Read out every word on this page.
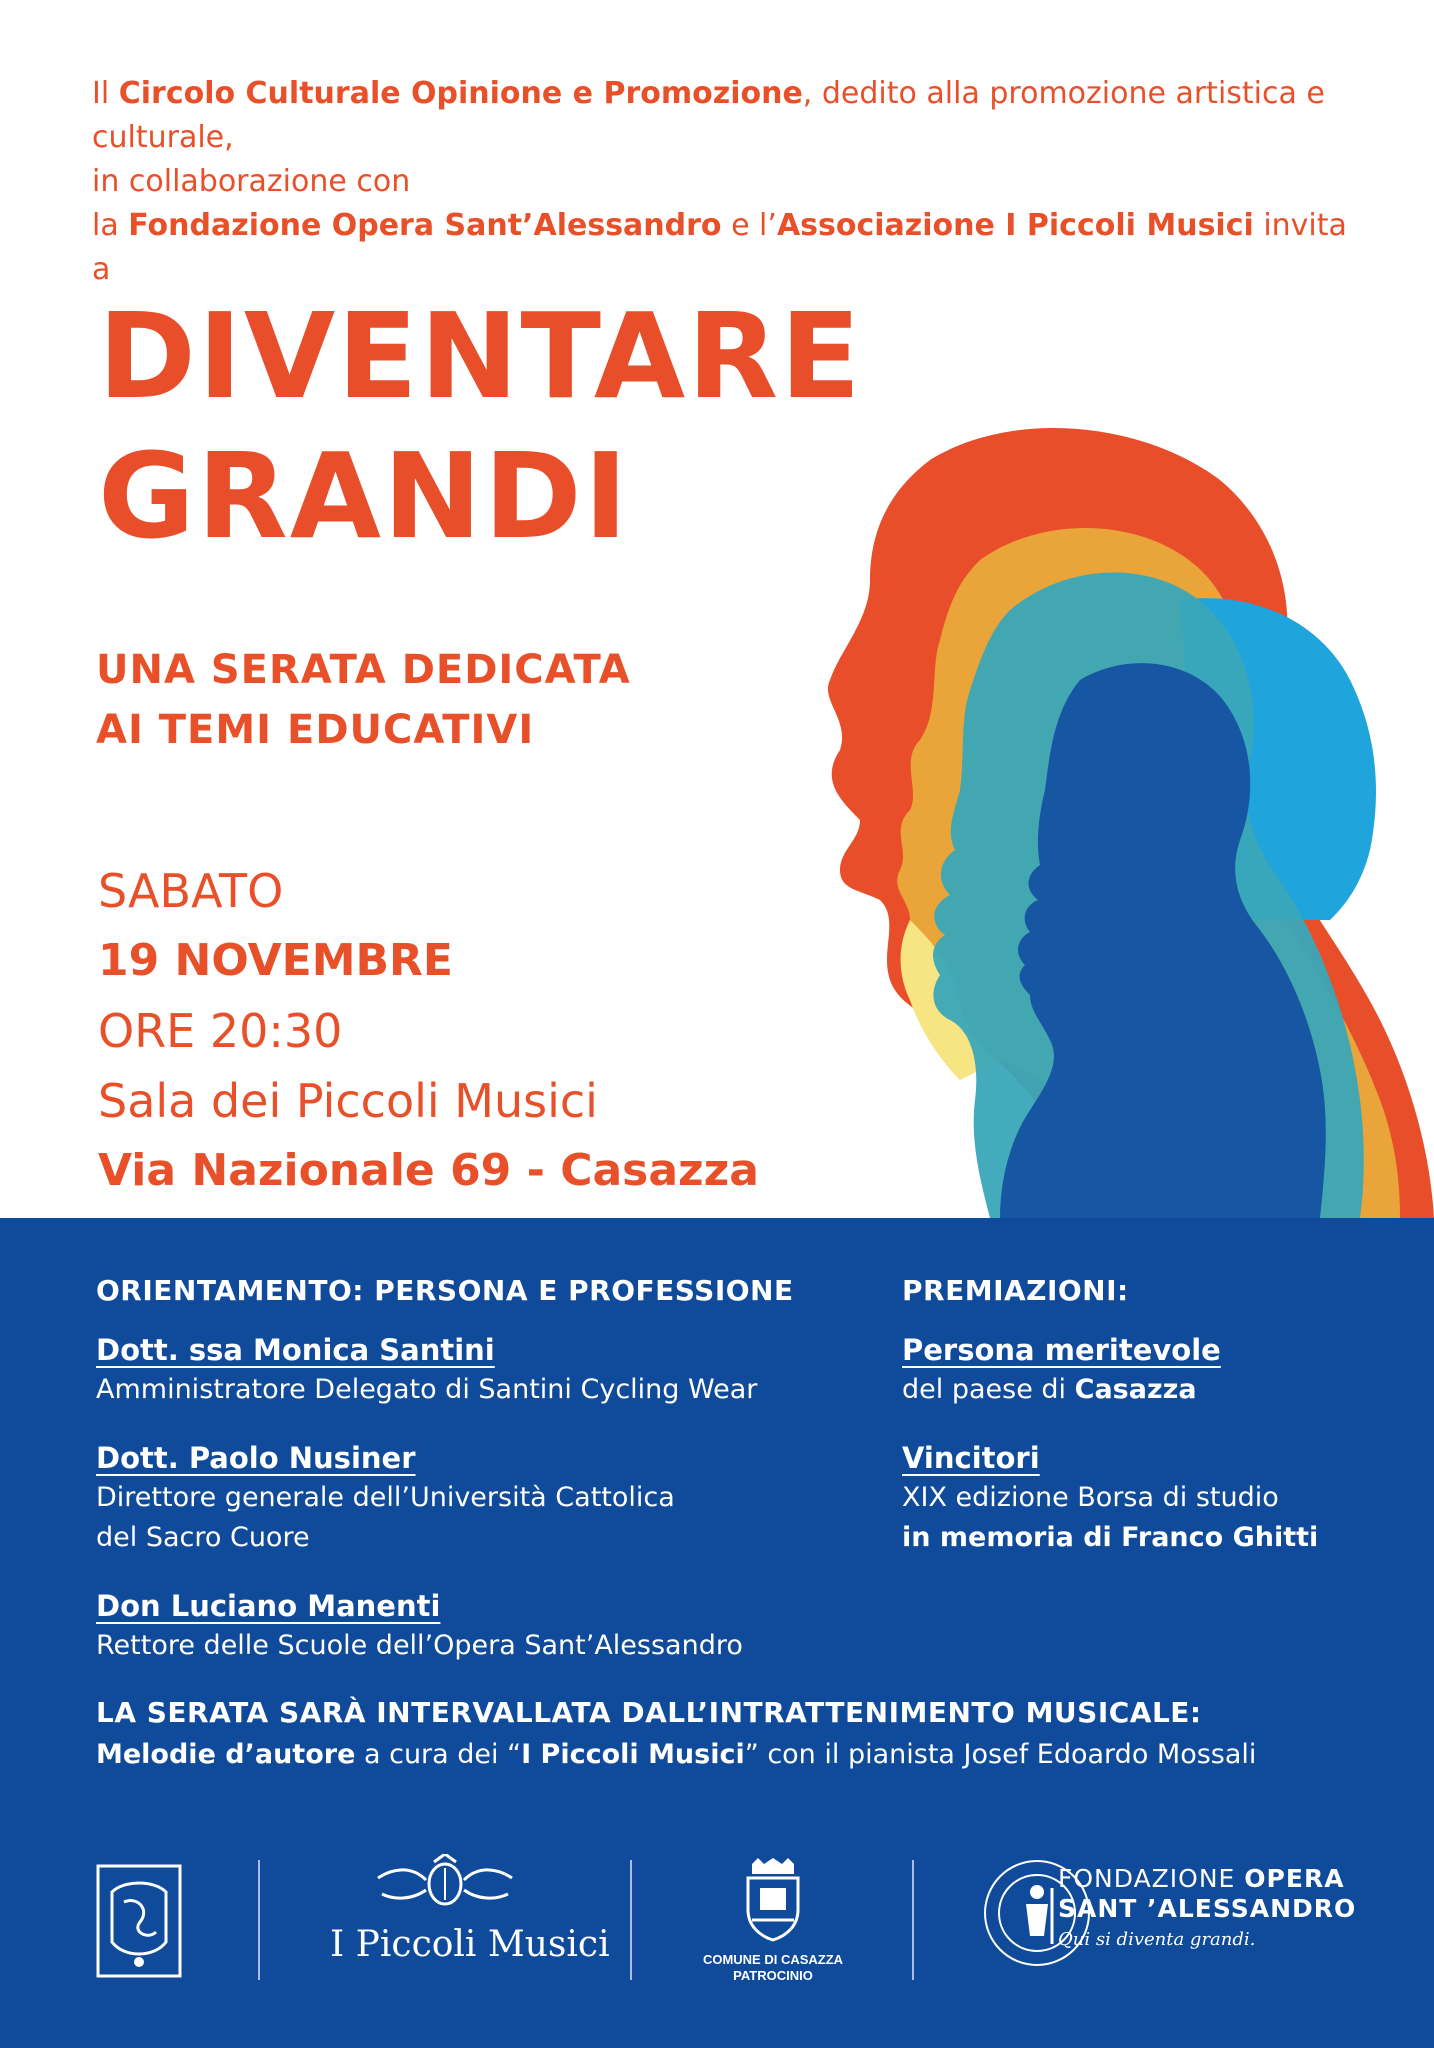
Il Circolo Culturale Opinione e Promozione, dedito alla promozione artistica e culturale,
in collaborazione con
la Fondazione Opera Sant’Alessandro e l’Associazione I Piccoli Musici invita a
DIVENTARE
GRANDI
UNA SERATA DEDICATA
AI TEMI EDUCATIVI
SABATO
19 NOVEMBRE
ORE 20:30
Sala dei Piccoli Musici
Via Nazionale 69 - Casazza
ORIENTAMENTO: PERSONA E PROFESSIONE
Dott. ssa Monica Santini
Amministratore Delegato di Santini Cycling Wear
Dott. Paolo Nusiner
Direttore generale dell’Università Cattolica
del Sacro Cuore
Don Luciano Manenti
Rettore delle Scuole dell’Opera Sant’Alessandro
PREMIAZIONI:
Persona meritevole
del paese di Casazza
Vincitori
XIX edizione Borsa di studio
in memoria di Franco Ghitti
LA SERATA SARÀ INTERVALLATA DALL’INTRATTENIMENTO MUSICALE:
Melodie d’autore a cura dei “I Piccoli Musici” con il pianista Josef Edoardo Mossali
I Piccoli Musici	COMUNE DI CASAZZA
PATROCINIO
FONDAZIONE OPERA
SANT ’ALESSANDRO
Qui si diventa grandi.
